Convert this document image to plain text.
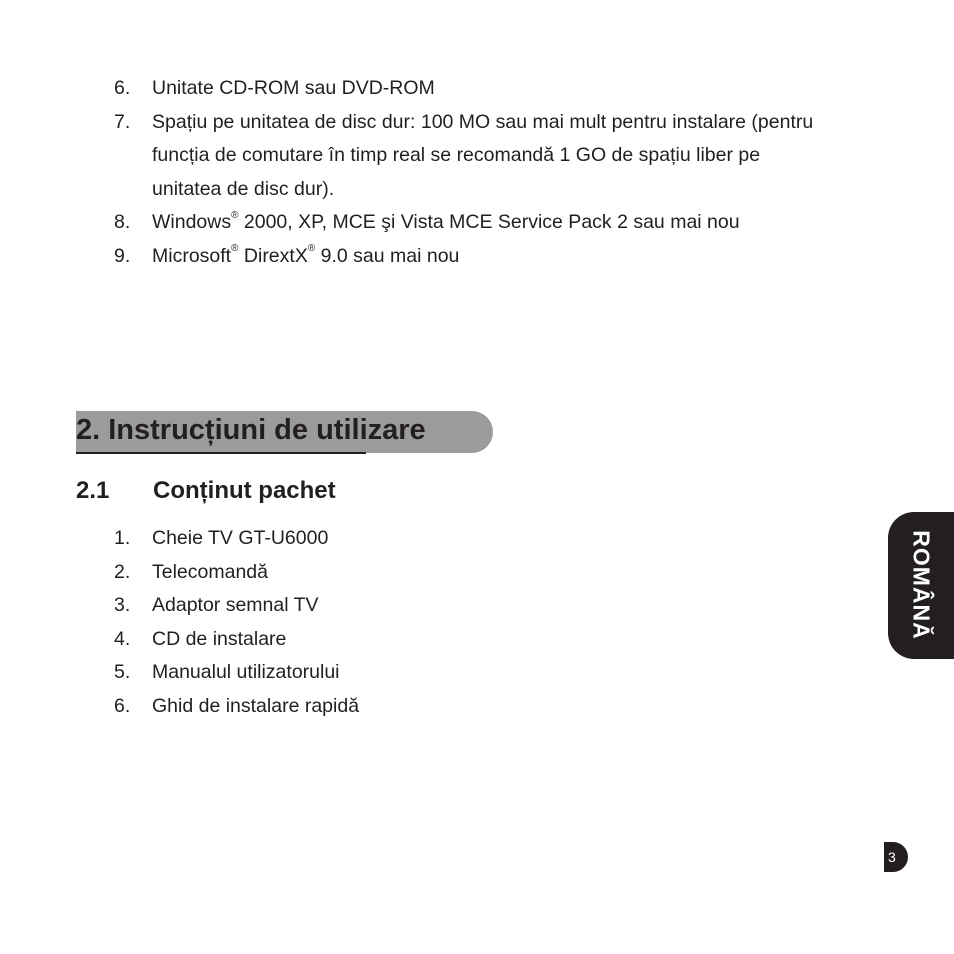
6. Unitate CD-ROM sau DVD-ROM
7. Spațiu pe unitatea de disc dur: 100 MO sau mai mult pentru instalare (pentru
funcția de comutare în timp real se recomandă 1 GO de spațiu liber pe
unitatea de disc dur).
8. Windows® 2000, XP, MCE şi Vista MCE Service Pack 2 sau mai nou
9. Microsoft® DirextX® 9.0 sau mai nou
2. Instrucțiuni de utilizare
2.1 Conținut pachet
1. Cheie TV GT-U6000
2. Telecomandă
3. Adaptor semnal TV
4. CD de instalare
5. Manualul utilizatorului
6. Ghid de instalare rapidă
ROMÂNĂ
3
